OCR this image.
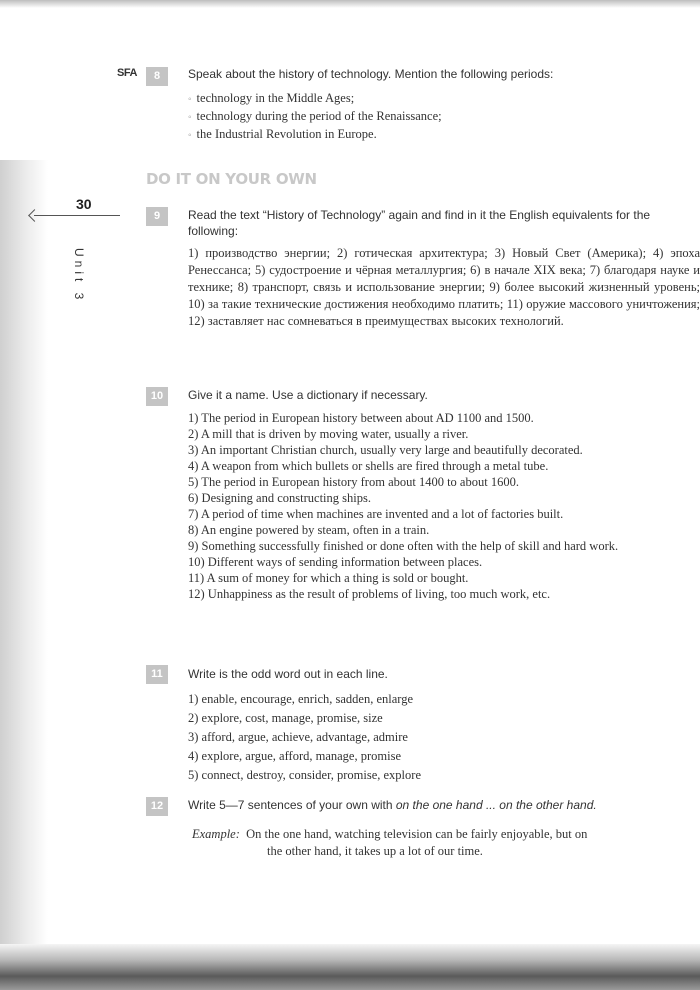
30
Unit 3
SFA	8	Speak about the history of technology. Mention the following periods:
◦ technology in the Middle Ages;
◦ technology during the period of the Renaissance;
◦ the Industrial Revolution in Europe.
DO IT ON YOUR OWN
9	Read the text “History of Technology” again and find in it the English equivalents for the following:

1) производство энергии; 2) готическая архитектура; 3) Новый Свет (Америка); 4) эпоха Ренессанса; 5) судостроение и чёрная металлургия; 6) в начале XIX века; 7) благодаря науке и технике; 8) транспорт, связь и использование энергии; 9) более высокий жизненный уровень; 10) за такие технические достижения необходимо платить; 11) оружие массового уничтожения; 12) заставляет нас сомневаться в преимуществах высоких технологий.

10	Give it a name. Use a dictionary if necessary.
1) The period in European history between about AD 1100 and 1500.
2) A mill that is driven by moving water, usually a river.
3) An important Christian church, usually very large and beautifully decorated.
4) A weapon from which bullets or shells are fired through a metal tube.
5) The period in European history from about 1400 to about 1600.
6) Designing and constructing ships.
7) A period of time when machines are invented and a lot of factories built.
8) An engine powered by steam, often in a train.
9) Something successfully finished or done often with the help of skill and hard work.
10) Different ways of sending information between places.
11) A sum of money for which a thing is sold or bought.
12) Unhappiness as the result of problems of living, too much work, etc.
11	Write is the odd word out in each line.
1) enable, encourage, enrich, sadden, enlarge
2) explore, cost, manage, promise, size
3) afford, argue, achieve, advantage, admire
4) explore, argue, afford, manage, promise
5) connect, destroy, consider, promise, explore
12	Write 5—7 sentences of your own with on the one hand ... on the other hand.
Example: On the one hand, watching television can be fairly enjoyable, but on
the other hand, it takes up a lot of our time.
